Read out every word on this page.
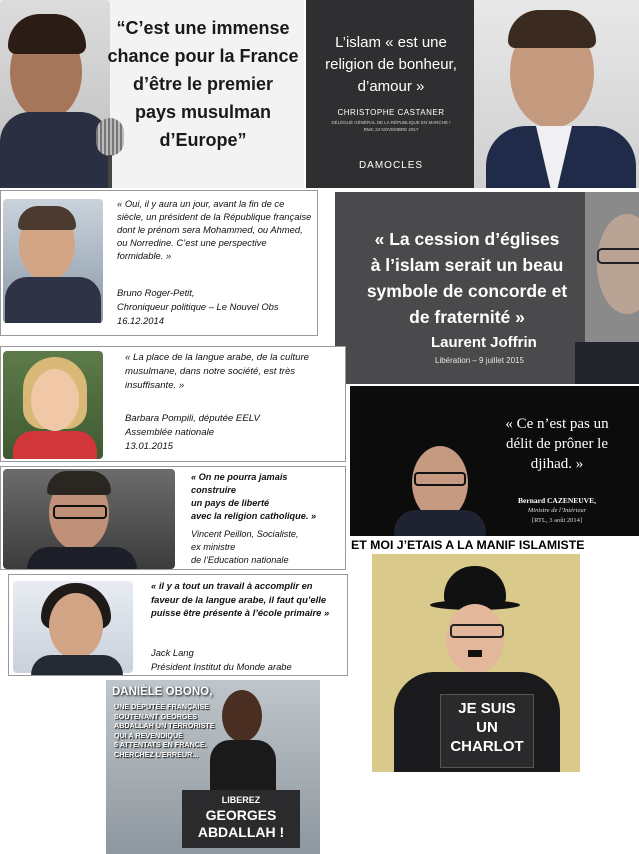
“C’est une immense
chance pour la France
d’être le premier
pays musulman
d’Europe”
L’islam « est une
religion de bonheur,
d’amour »
CHRISTOPHE CASTANER
DÉLÉGUÉ GÉNÉRAL DE LA RÉPUBLIQUE EN MARCHE !
RMC 23 NOVEMBRE 2017
DAMOCLES
« Oui, il y aura un jour, avant la fin de ce siècle, un président de la République française dont le prénom sera Mohammed, ou Ahmed, ou Norredine. C’est une perspective formidable. »
Bruno Roger-Petit,
Chroniqueur politique – Le Nouvel Obs
16.12.2014
« La cession d’églises
à l’islam serait un beau
symbole de concorde et
de fraternité »
Laurent Joffrin
Libération – 9 juillet 2015
« La place de la langue arabe, de la culture musulmane, dans notre société, est très insuffisante. »
Barbara Pompili, députée EELV
Assemblée nationale
13.01.2015
« Ce n’est pas un
délit de prôner le
djihad. »
Bernard CAZENEUVE,
Ministre de l’Intérieur
[RTL, 3 août 2014]
« On ne pourra jamais
construire
un pays de liberté
avec la religion catholique. »
Vincent Peillon, Socialiste,
ex ministre
de l’Education nationale
ET MOI J’ETAIS A LA MANIF ISLAMISTE
JE SUIS
UN
CHARLOT
« il y a tout un travail à accomplir en faveur de la langue arabe, il faut qu’elle puisse être présente à l’école primaire »
Jack Lang
Président Institut du Monde arabe
DANIÈLE OBONO,
UNE DÉPUTÉE FRANÇAISE
SOUTENANT GEORGES
ABDALLAH UN TERRORISTE
QUI A REVENDIQUÉ
5 ATTENTATS EN FRANCE.
CHERCHEZ L’ERREUR...
LIBEREZ
GEORGES
ABDALLAH !
